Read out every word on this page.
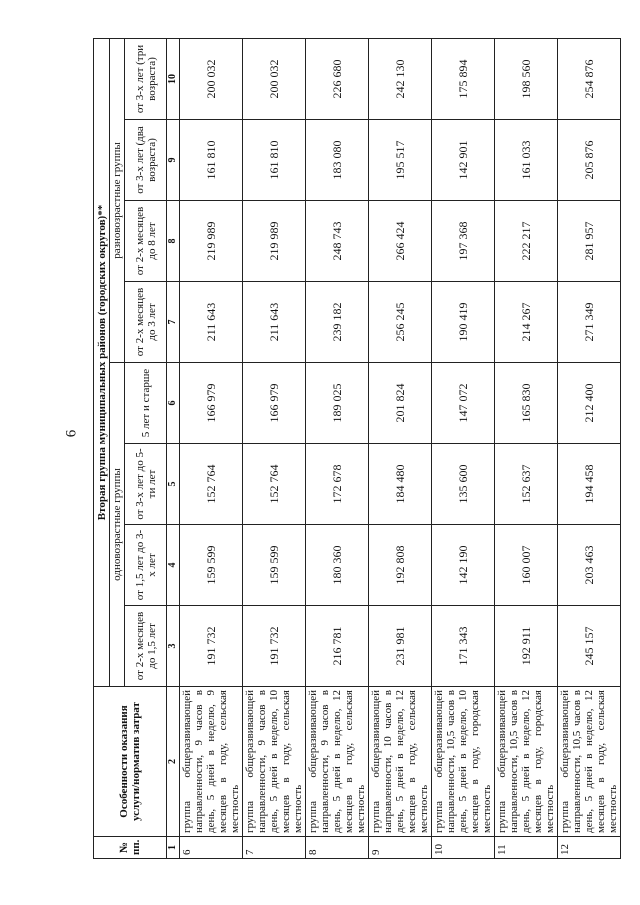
6
№ пп.	Особенности оказания услуги/норматив затрат	Вторая группа муниципальных районов (городских округов)**							
		одновозрастные группы				разновозрастные группы			
		от 2-х месяцев до 1,5 лет	от 1,5 лет до 3-х лет	от 3-х лет до 5-ти лет	5 лет и старше	от 2-х месяцев до 3 лет	от 2-х месяцев до 8 лет	от 3-х лет (два возраста)	от 3-х лет (три возраста)
1	2	3	4	5	6	7	8	9	10
6	группа общеразвивающей направленности, 9 часов в день, 5 дней в неделю, 9 месяцев в году, сельская местность	191 732	159 599	152 764	166 979	211 643	219 989	161 810	200 032
7	группа общеразвивающей направленности, 9 часов в день, 5 дней в неделю, 10 месяцев в году, сельская местность	191 732	159 599	152 764	166 979	211 643	219 989	161 810	200 032
8	группа общеразвивающей направленности, 9 часов в день, 5 дней в неделю, 12 месяцев в году, сельская местность	216 781	180 360	172 678	189 025	239 182	248 743	183 080	226 680
9	группа общеразвивающей направленности, 10 часов в день, 5 дней в неделю, 12 месяцев в году, сельская местность	231 981	192 808	184 480	201 824	256 245	266 424	195 517	242 130
10	группа общеразвивающей направленности, 10,5 часов в день, 5 дней в неделю, 10 месяцев в году, городская местность	171 343	142 190	135 600	147 072	190 419	197 368	142 901	175 894
11	группа общеразвивающей направленности, 10,5 часов в день, 5 дней в неделю, 12 месяцев в году, городская местность	192 911	160 007	152 637	165 830	214 267	222 217	161 033	198 560
12	группа общеразвивающей направленности, 10,5 часов в день, 5 дней в неделю, 12 месяцев в году, сельская местность	245 157	203 463	194 458	212 400	271 349	281 957	205 876	254 876
